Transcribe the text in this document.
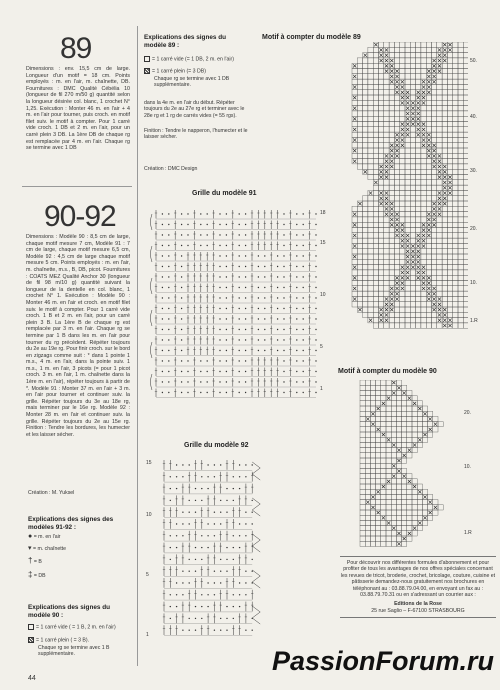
89
Dimensions : env. 15,5 cm de large. Longueur d'un motif = 18 cm. Points employés : m. en l'air, m. chaînette, DB. Fournitures : DMC Qualité Cébélia 10 (longueur de fil 270 m/50 g) quantité selon la longueur désirée col. blanc, 1 crochet N° 1,25. Exécution : Monter 46 m. en l'air + 4 m. en l'air pour tourner, puis croch. en motif filet suiv. le motif à compter. Pour 1 carré vide croch. 1 DB et 2 m. en l'air, pour un carré plein 3 DB. La 1ère DB de chaque rg est remplacée par 4 m. en l'air. Chaque rg se termine avec 1 DB
90-92
Dimensions : Modèle 90 : 8,5 cm de large, chaque motif mesure 7 cm, Modèle 91 : 7 cm de large, chaque motif mesure 6,5 cm, Modèle 92 : 4,5 cm de large chaque motif mesure 5 cm. Points employés : m. en l'air, m. chaînette, m.s., B, DB, picot. Fournitures : COATS MEZ Qualité Anchor 30 (longueur de fil 98 m/10 g) quantité suivant la longueur de la dentelle en col. blanc, 1 crochet N° 1. Exécution : Modèle 90 : Monter 46 m. en l'air et croch. en motif filet suiv. le motif à compter. Pour 1 carré vide croch. 1 B et 2 m. en l'air, pour un carré plein 3 B. La 1ère B de chaque rg est remplacée par 3 m. en l'air. Chaque rg se termine par 1 B dans les m. en l'air pour tourner du rg précédent. Répéter toujours du 2e au 19e rg. Pour finir croch. sur le bord en zigzags comme suit : * dans 1 pointe 1 m.s., 4 m. en l'air, dans la pointe suiv. 1 m.s., 1 m. en l'air, 3 picots (= pour 1 picot croch. 3 m. en l'air, 1 m. chaînette dans la 1ère m. en l'air), répéter toujours à partir de *. Modèle 91 : Monter 37 m. en l'air + 3 m. en l'air pour tourner et continuer suiv. la grille. Répéter toujours du 3e au 18e rg, mais terminer par le 16e rg. Modèle 92 : Monter 28 m. en l'air et continuer suiv. la grille. Répéter toujours du 2e au 15e rg. Finition : Tendre les bordures, les humecter et les laisser sécher.
Création : M. Yuksel
Explications des signes des modèles 91-92 :
● = m. en l'air
▾ = m. chaînette
† = B
‡ = DB
Explications des signes du modèle 90 :
= 1 carré vide ( = 1 B, 2 m. en l'air)
= 1 carré plein ( = 3 B).
Chaque rg se termine avec 1 B supplémentaire.
44
Explications des signes du modèle 89 :
= 1 carré vide (= 1 DB, 2 m. en l'air)
= 1 carré plein (= 3 DB)
Chaque rg se termine avec 1 DB supplémentaire.
dans la 4e m. en l'air du début. Répéter toujours du 2e au 27e rg et terminer avec le 28e rg et 1 rg de carrés vides (= 55 rgs).
Finition : Tendre le napperon, l'humecter et le laisser sécher.
Création : DMC Design
Grille du modèle 91
18
15
10
5
1
Grille du modèle 92
15
10
5
1
Motif à compter du modèle 89
50.
40.
30.
20.
10.
1.R
Motif à compter du modèle 90
20.
10.
1.R
Pour découvrir nos différentes formules d'abonnement et pour profiter de tous les avantages de nos offres spéciales concernant les revues de tricot, broderie, crochet, bricolage, couture, cuisine et pâtisserie demandez-nous gratuitement nos brochures en téléphonant au : 03.88.79.04.00, en envoyant un fax au : 03.88.79.70.31 ou en s'adressant un courrier aux :
Editions de la Rose
25 rue Saglio – F-67100 STRASBOURG
PassionForum.ru
